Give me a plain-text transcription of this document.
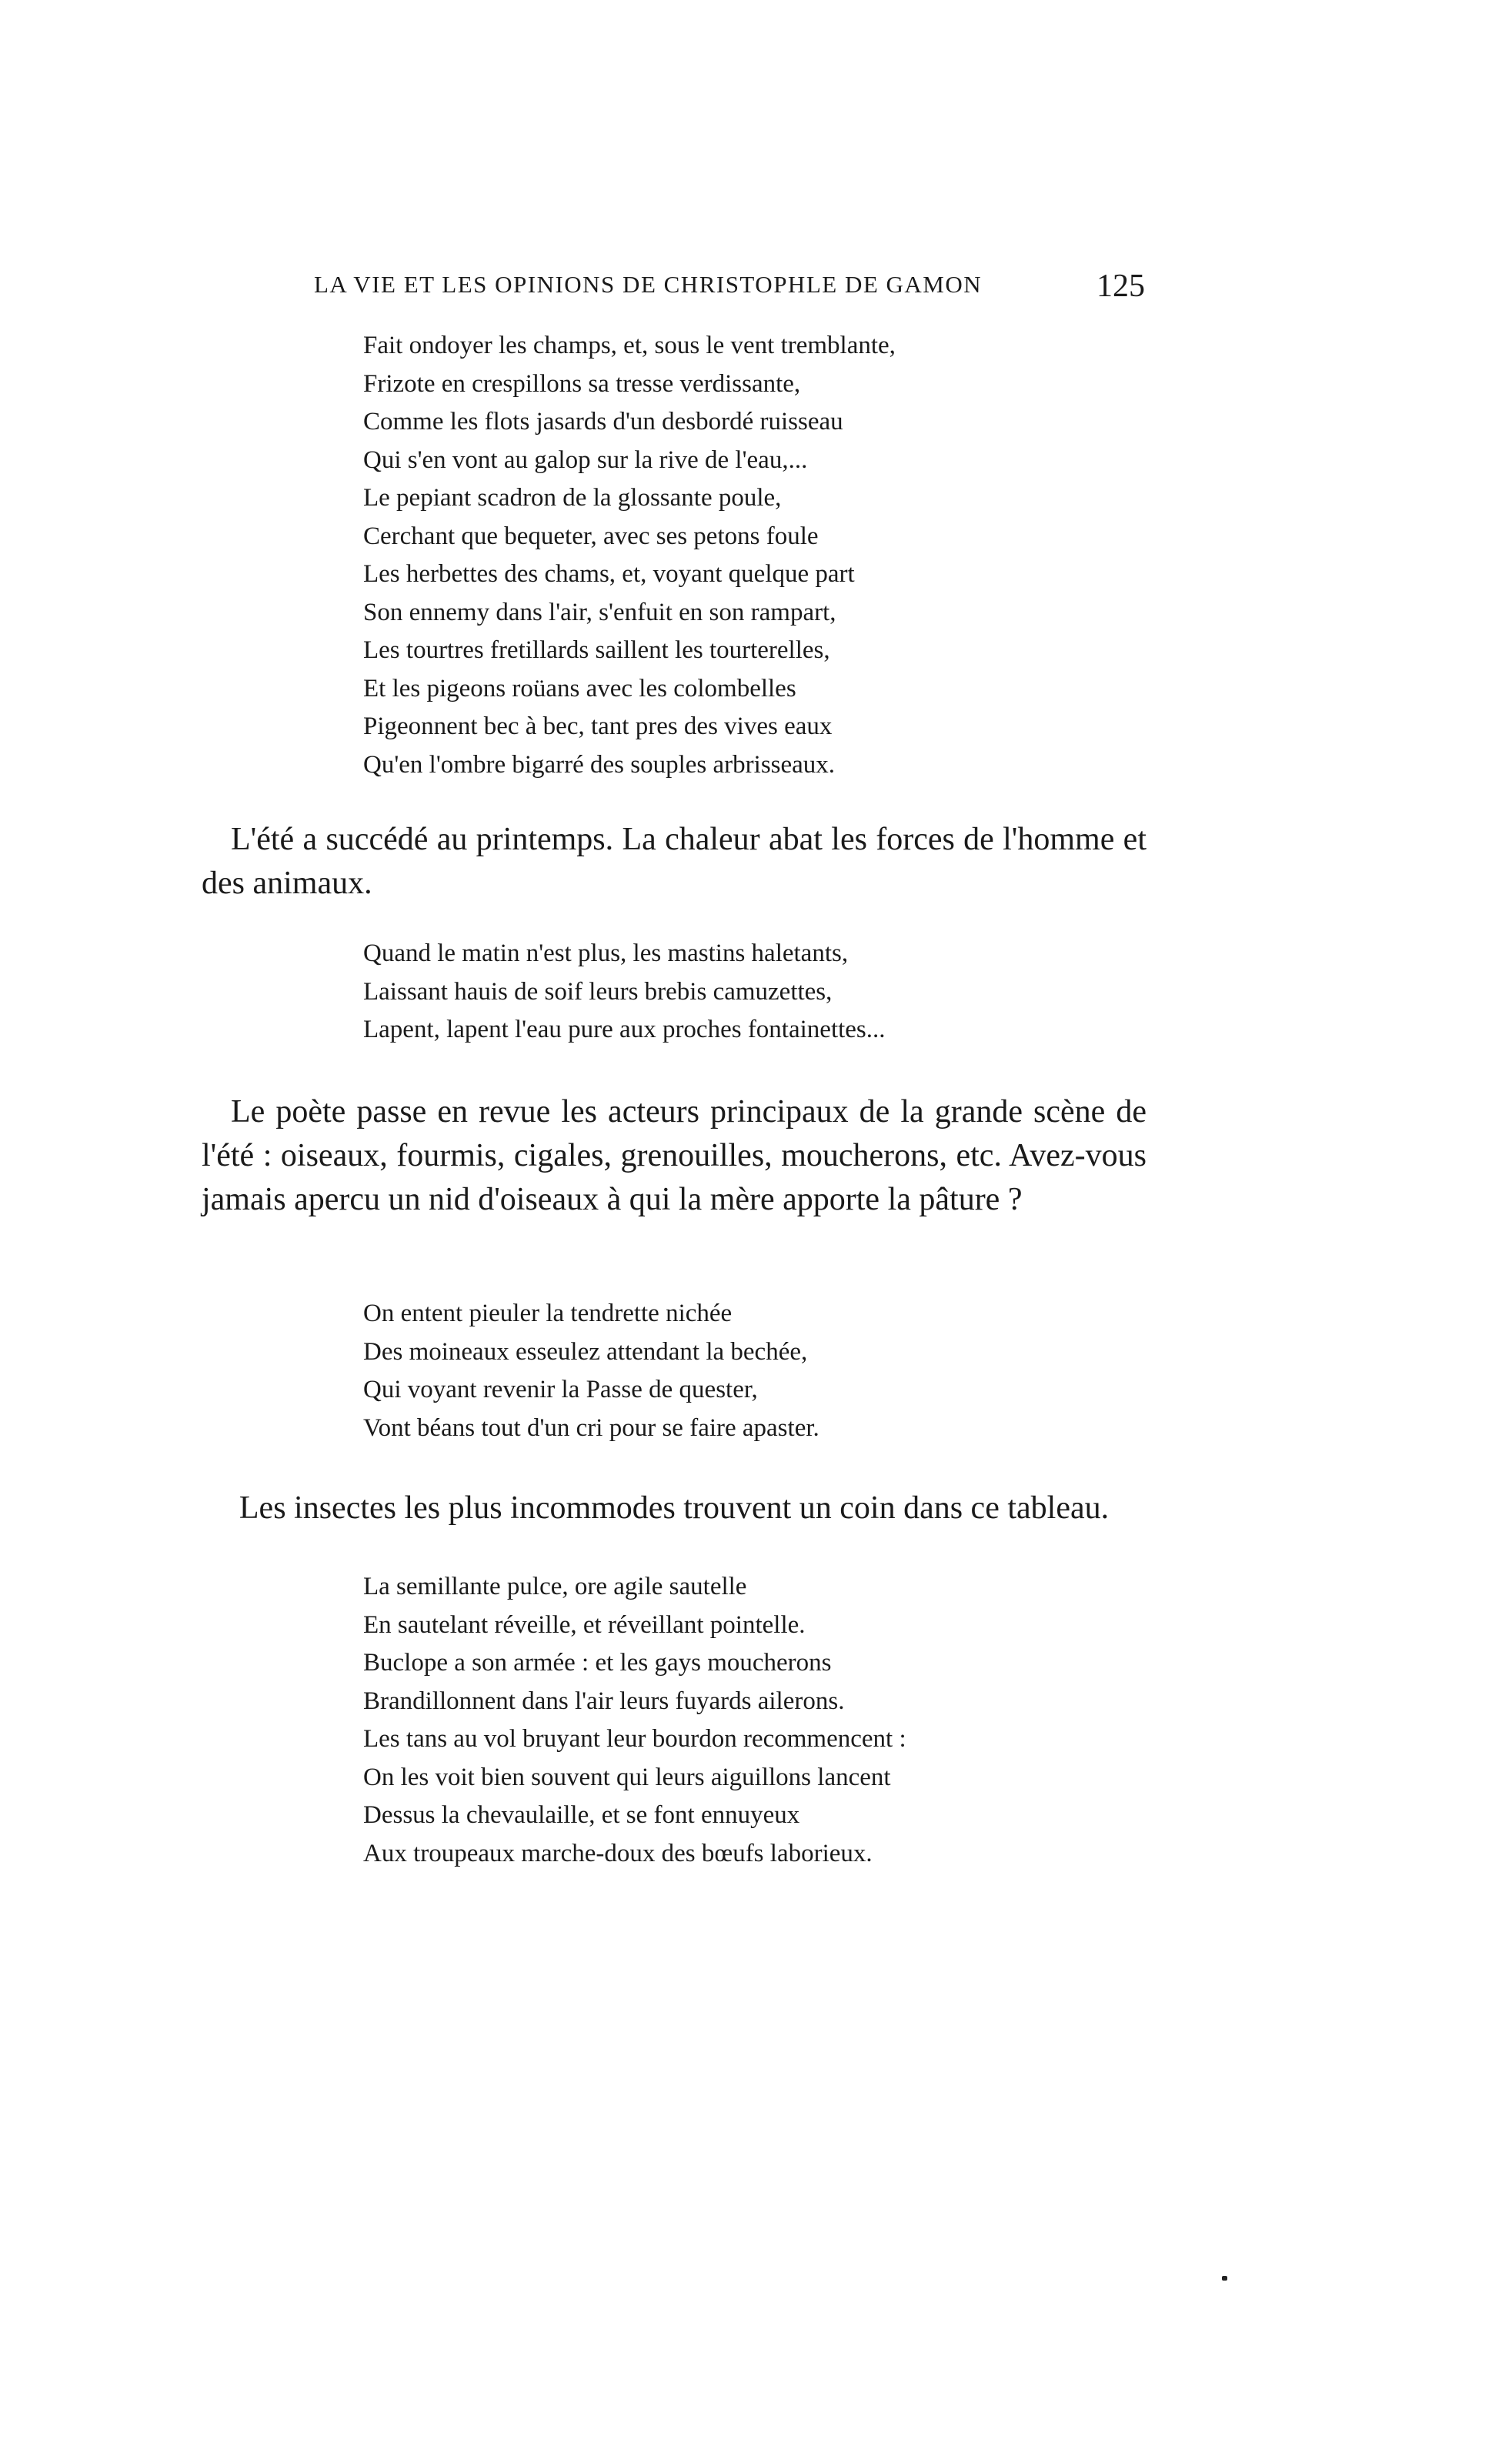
LA VIE ET LES OPINIONS DE CHRISTOPHLE DE GAMON	125
Fait ondoyer les champs, et, sous le vent tremblante,
Frizote en crespillons sa tresse verdissante,
Comme les flots jasards d'un desbordé ruisseau
Qui s'en vont au galop sur la rive de l'eau,...
Le pepiant scadron de la glossante poule,
Cerchant que bequeter, avec ses petons foule
Les herbettes des chams, et, voyant quelque part
Son ennemy dans l'air, s'enfuit en son rampart,
Les tourtres fretillards saillent les tourterelles,
Et les pigeons roüans avec les colombelles
Pigeonnent bec à bec, tant pres des vives eaux
Qu'en l'ombre bigarré des souples arbrisseaux.

L'été a succédé au printemps. La chaleur abat les forces de l'homme et des animaux.

Quand le matin n'est plus, les mastins haletants,
Laissant hauis de soif leurs brebis camuzettes,
Lapent, lapent l'eau pure aux proches fontainettes...

Le poète passe en revue les acteurs principaux de la grande scène de l'été : oiseaux, fourmis, cigales, grenouilles, moucherons, etc. Avez-vous jamais apercu un nid d'oiseaux à qui la mère apporte la pâture ?

On entent pieuler la tendrette nichée
Des moineaux esseulez attendant la bechée,
Qui voyant revenir la Passe de quester,
Vont béans tout d'un cri pour se faire apaster.

Les insectes les plus incommodes trouvent un coin dans ce tableau.

La semillante pulce, ore agile sautelle
En sautelant réveille, et réveillant pointelle.
Buclope a son armée : et les gays moucherons
Brandillonnent dans l'air leurs fuyards ailerons.
Les tans au vol bruyant leur bourdon recommencent :
On les voit bien souvent qui leurs aiguillons lancent
Dessus la chevaulaille, et se font ennuyeux
Aux troupeaux marche-doux des bœufs laborieux.
